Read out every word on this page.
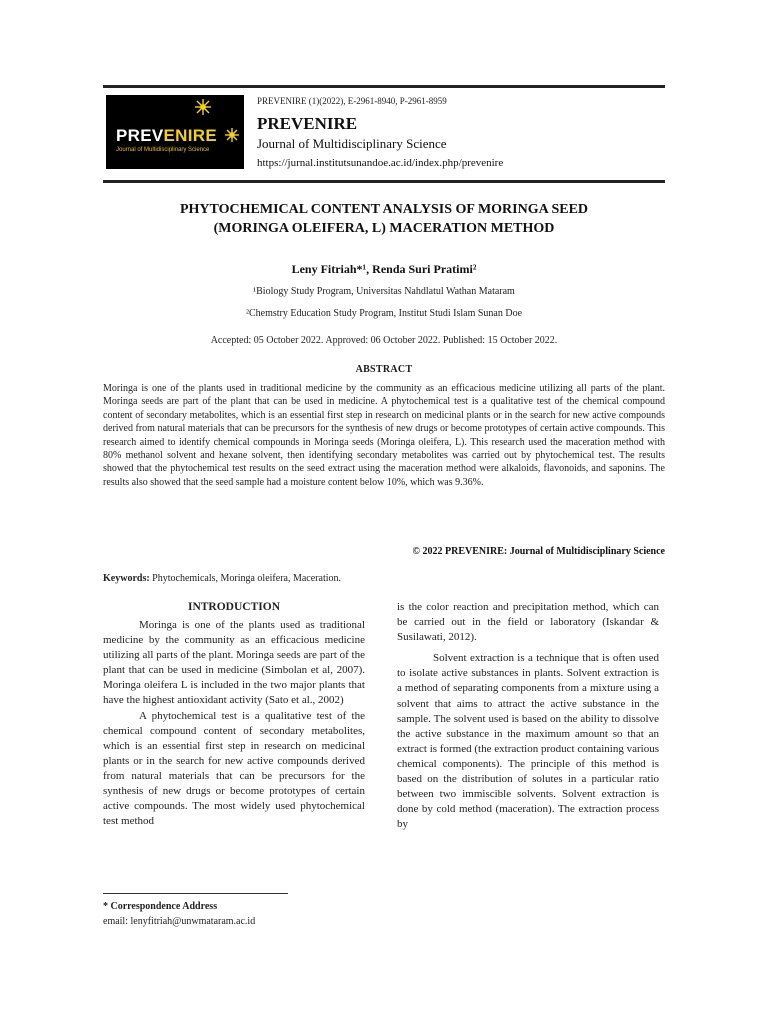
PREVENIRE
Journal of Multidisciplinary Science
PREVENIRE (1)(2022), E-2961-8940, P-2961-8959
PREVENIRE
Journal of Multidisciplinary Science
https://jurnal.institutsunandoe.ac.id/index.php/prevenire
PHYTOCHEMICAL CONTENT ANALYSIS OF MORINGA SEED
(MORINGA OLEIFERA, L) MACERATION METHOD
Leny Fitriah*¹, Renda Suri Pratimi²
¹Biology Study Program, Universitas Nahdlatul Wathan Mataram
²Chemstry Education Study Program, Institut Studi Islam Sunan Doe
Accepted: 05 October 2022. Approved: 06 October 2022. Published: 15 October 2022.
ABSTRACT
Moringa is one of the plants used in traditional medicine by the community as an efficacious medicine utilizing all parts of the plant. Moringa seeds are part of the plant that can be used in medicine. A phytochemical test is a qualitative test of the chemical compound content of secondary metabolites, which is an essential first step in research on medicinal plants or in the search for new active compounds derived from natural materials that can be precursors for the synthesis of new drugs or become prototypes of certain active compounds. This research aimed to identify chemical compounds in Moringa seeds (Moringa oleifera, L). This research used the maceration method with 80% methanol solvent and hexane solvent, then identifying secondary metabolites was carried out by phytochemical test. The results showed that the phytochemical test results on the seed extract using the maceration method were alkaloids, flavonoids, and saponins. The results also showed that the seed sample had a moisture content below 10%, which was 9.36%.
© 2022 PREVENIRE: Journal of Multidisciplinary Science
Keywords: Phytochemicals, Moringa oleifera, Maceration.
INTRODUCTION

Moringa is one of the plants used as traditional medicine by the community as an efficacious medicine utilizing all parts of the plant. Moringa seeds are part of the plant that can be used in medicine (Simbolan et al, 2007). Moringa oleifera L is included in the two major plants that have the highest antioxidant activity (Sato et al., 2002)

A phytochemical test is a qualitative test of the chemical compound content of secondary metabolites, which is an essential first step in research on medicinal plants or in the search for new active compounds derived from natural materials that can be precursors for the synthesis of new drugs or become prototypes of certain active compounds. The most widely used phytochemical test method

is the color reaction and precipitation method, which can be carried out in the field or laboratory (Iskandar & Susilawati, 2012).

Solvent extraction is a technique that is often used to isolate active substances in plants. Solvent extraction is a method of separating components from a mixture using a solvent that aims to attract the active substance in the sample. The solvent used is based on the ability to dissolve the active substance in the maximum amount so that an extract is formed (the extraction product containing various chemical components). The principle of this method is based on the distribution of solutes in a particular ratio between two immiscible solvents. Solvent extraction is done by cold method (maceration). The extraction process by

* Correspondence Address
email: lenyfitriah@unwmataram.ac.id
